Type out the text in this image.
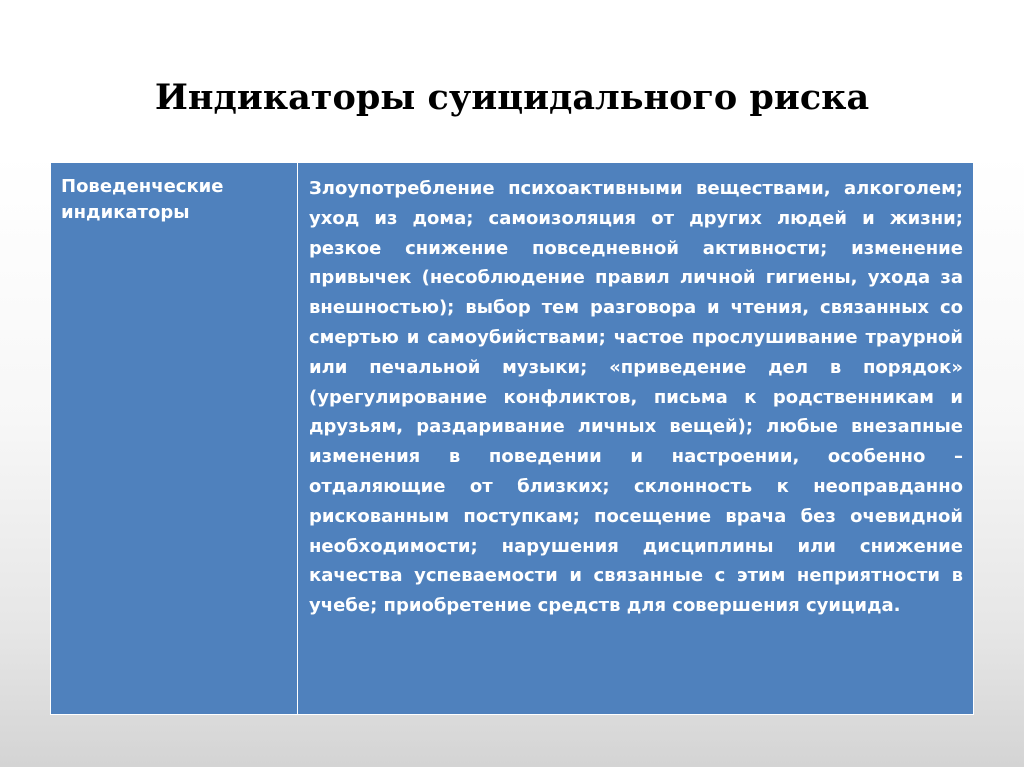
Индикаторы суицидального риска
Поведенческие индикаторы	Злоупотребление психоактивными веществами, алкоголем; уход из дома; самоизоляция от других людей и жизни; резкое снижение повседневной активности; изменение привычек (несоблюдение правил личной гигиены, ухода за внешностью); выбор тем разговора и чтения, связанных со смертью и самоубийствами; частое прослушивание траурной или печальной музыки; «приведение дел в порядок» (урегулирование конфликтов, письма к родственникам и друзьям, раздаривание личных вещей); любые внезапные изменения в поведении и настроении, особенно – отдаляющие от близких; склонность к неоправданно рискованным поступкам; посещение врача без очевидной необходимости; нарушения дисциплины или снижение качества успеваемости и связанные с этим неприятности в учебе; приобретение средств для совершения суицида.
